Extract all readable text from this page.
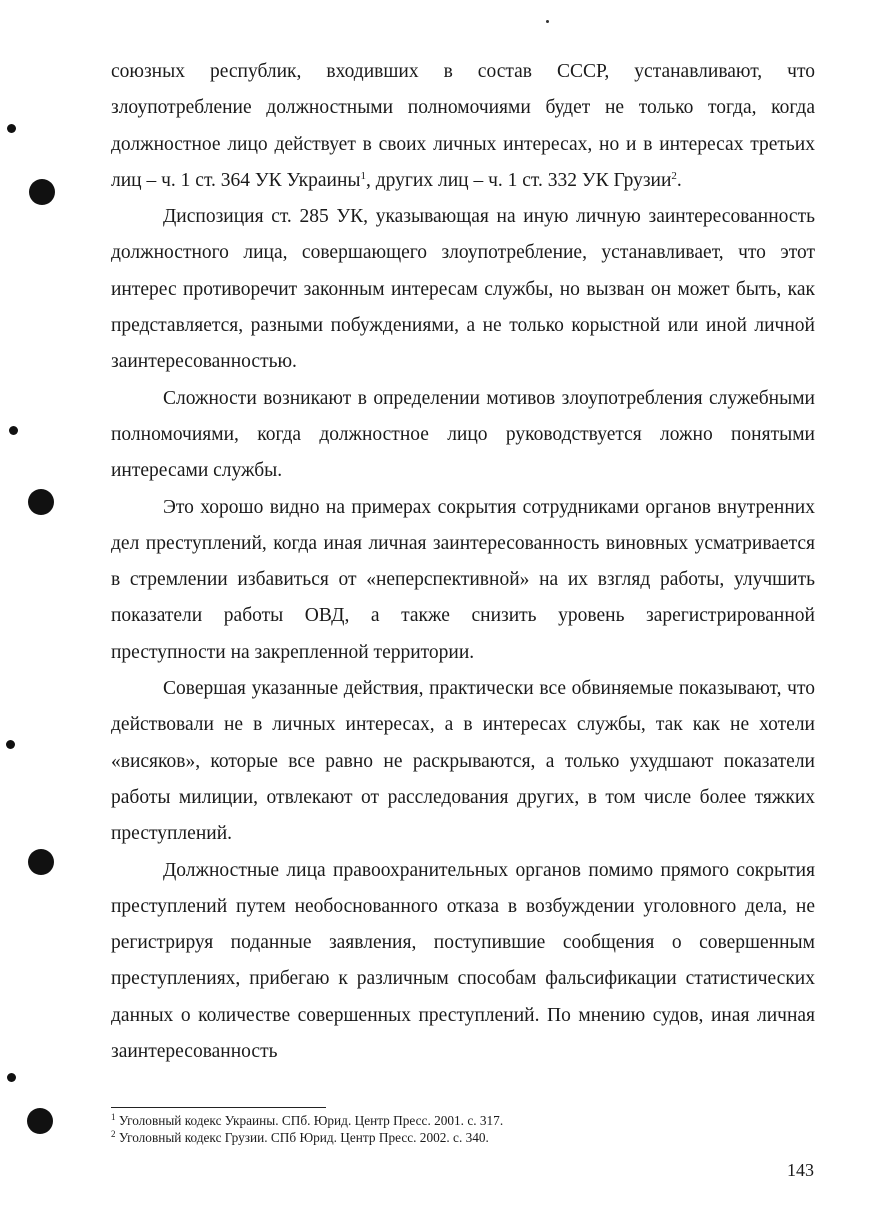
союзных республик, входивших в состав СССР, устанавливают, что злоупотребление должностными полномочиями будет не только тогда, когда должностное лицо действует в своих личных интересах, но и в интересах третьих лиц – ч. 1 ст. 364 УК Украины$^1$, других лиц – ч. 1 ст. 332 УК Грузии$^2$.

Диспозиция ст. 285 УК, указывающая на иную личную заинтересованность должностного лица, совершающего злоупотребление, устанавливает, что этот интерес противоречит законным интересам службы, но вызван он может быть, как представляется, разными побуждениями, а не только корыстной или иной личной заинтересованностью.

Сложности возникают в определении мотивов злоупотребления служебными полномочиями, когда должностное лицо руководствуется ложно понятыми интересами службы.

Это хорошо видно на примерах сокрытия сотрудниками органов внутренних дел преступлений, когда иная личная заинтересованность виновных усматривается в стремлении избавиться от «неперспективной» на их взгляд работы, улучшить показатели работы ОВД, а также снизить уровень зарегистрированной преступности на закрепленной территории.

Совершая указанные действия, практически все обвиняемые показывают, что действовали не в личных интересах, а в интересах службы, так как не хотели «висяков», которые все равно не раскрываются, а только ухудшают показатели работы милиции, отвлекают от расследования других, в том числе более тяжких преступлений.

Должностные лица правоохранительных органов помимо прямого сокрытия преступлений путем необоснованного отказа в возбуждении уголовного дела, не регистрируя поданные заявления, поступившие сообщения о совершенным преступлениях, прибегаю к различным способам фальсификации статистических данных о количестве совершенных преступлений. По мнению судов, иная личная заинтересованность

$^1$ Уголовный кодекс Украины. СПб. Юрид. Центр Пресс. 2001. с. 317.

$^2$ Уголовный кодекс Грузии. СПб Юрид. Центр Пресс. 2002. с. 340.

143
